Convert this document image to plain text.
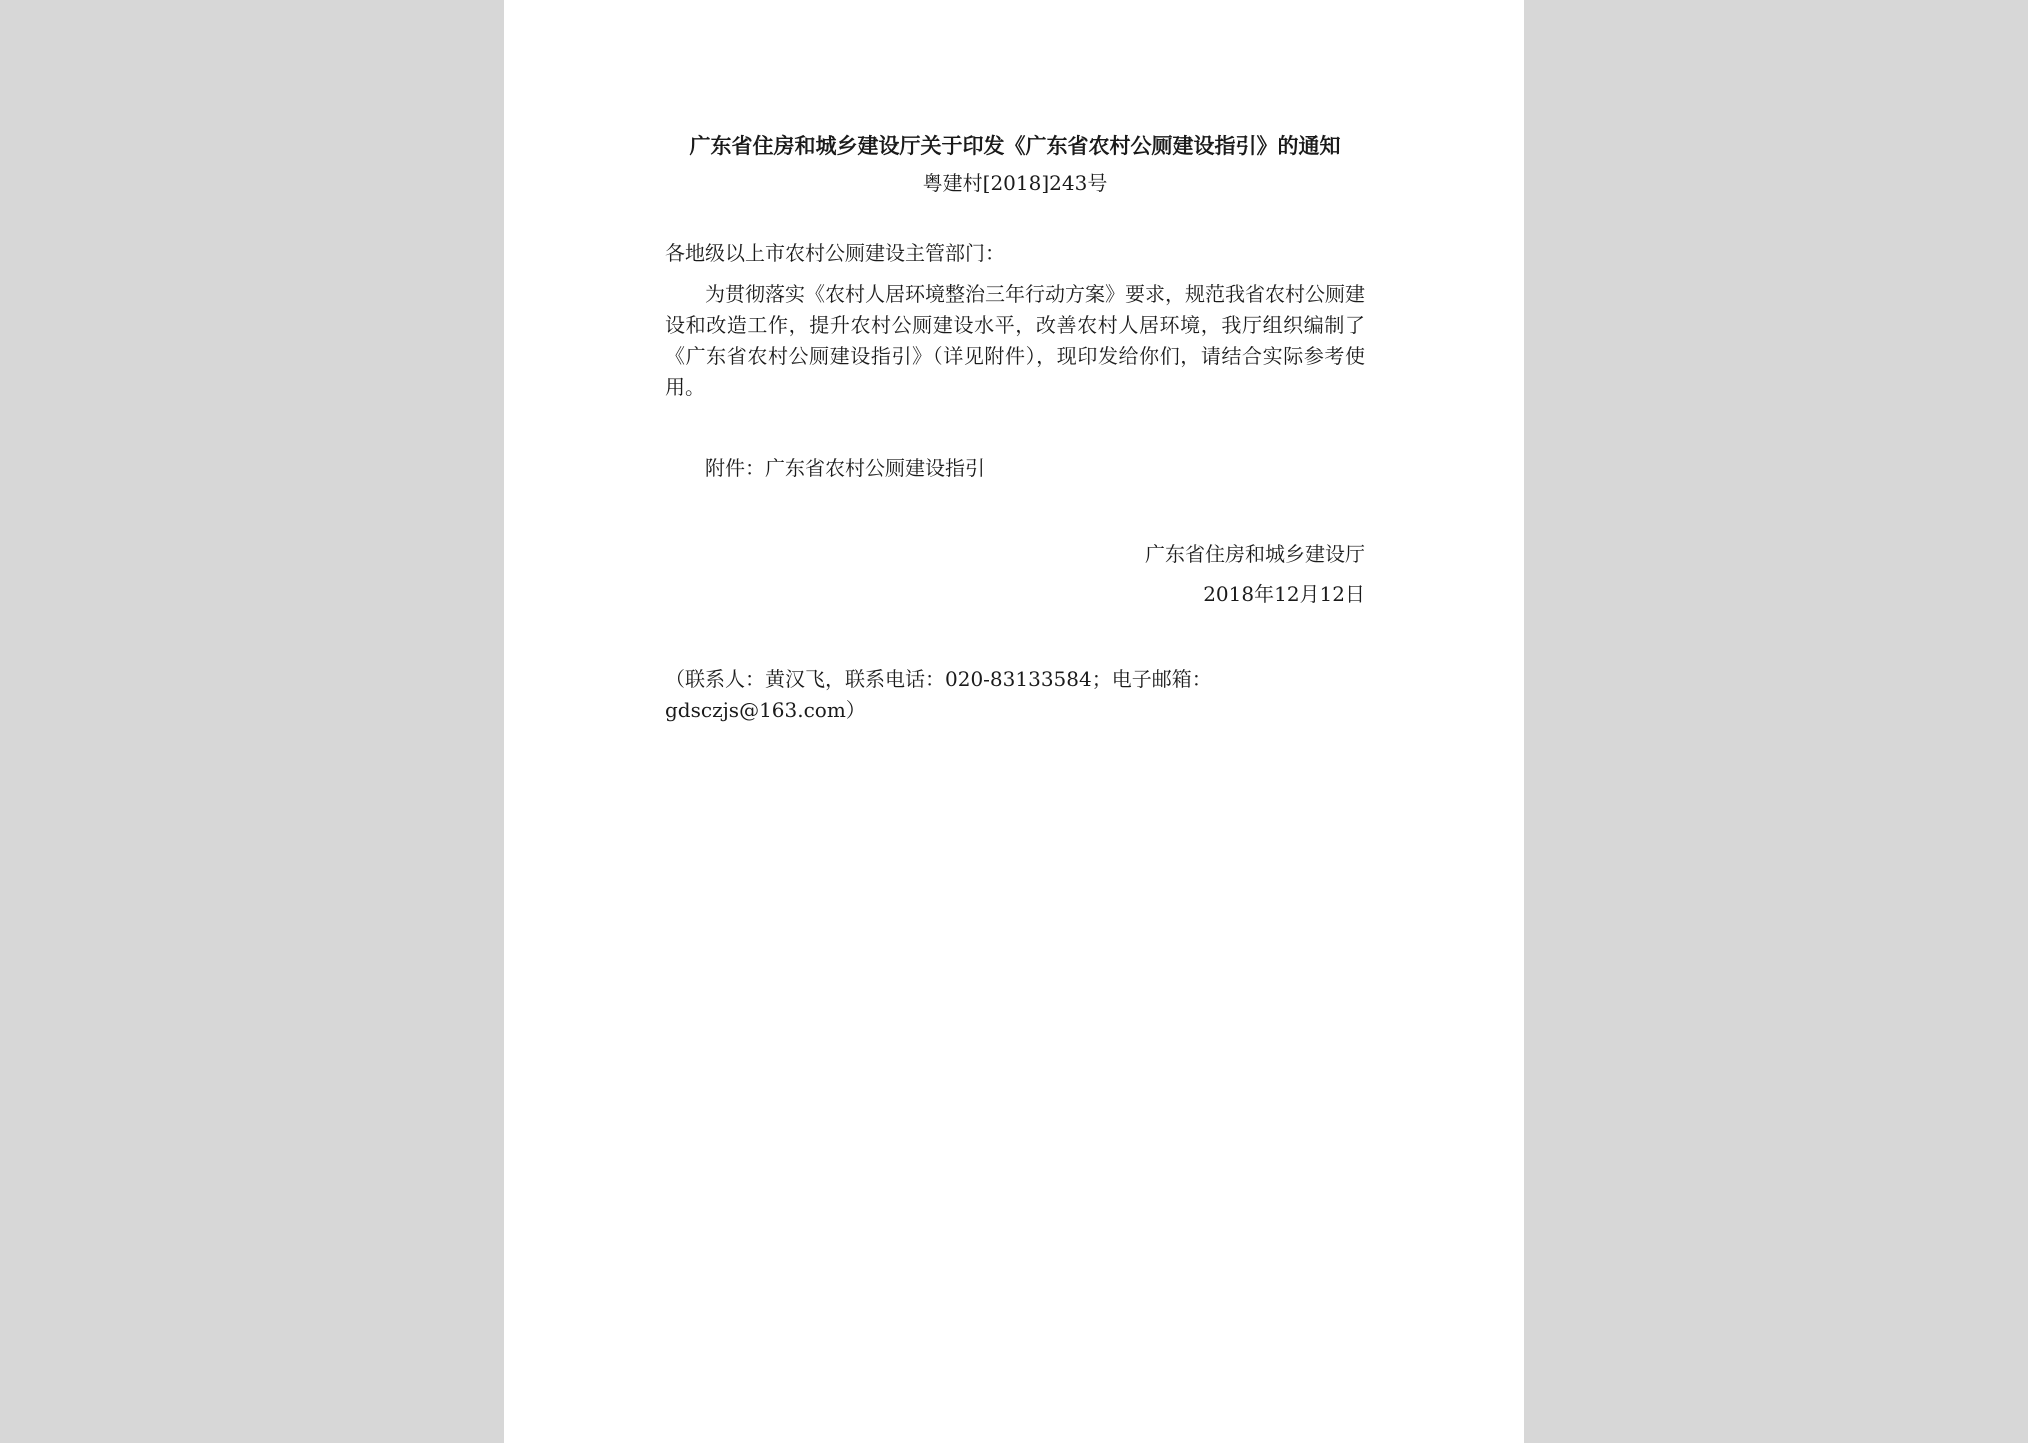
广东省住房和城乡建设厅关于印发《广东省农村公厕建设指引》的通知
粤建村[2018]243号
各地级以上市农村公厕建设主管部门：
为贯彻落实《农村人居环境整治三年行动方案》要求，规范我省农村公厕建设和改造工作，提升农村公厕建设水平，改善农村人居环境，我厅组织编制了《广东省农村公厕建设指引》（详见附件），现印发给你们，请结合实际参考使用。
附件：广东省农村公厕建设指引
广东省住房和城乡建设厅
2018年12月12日
（联系人：黄汉飞，联系电话：020-83133584；电子邮箱：gdsczjs@163.com）
